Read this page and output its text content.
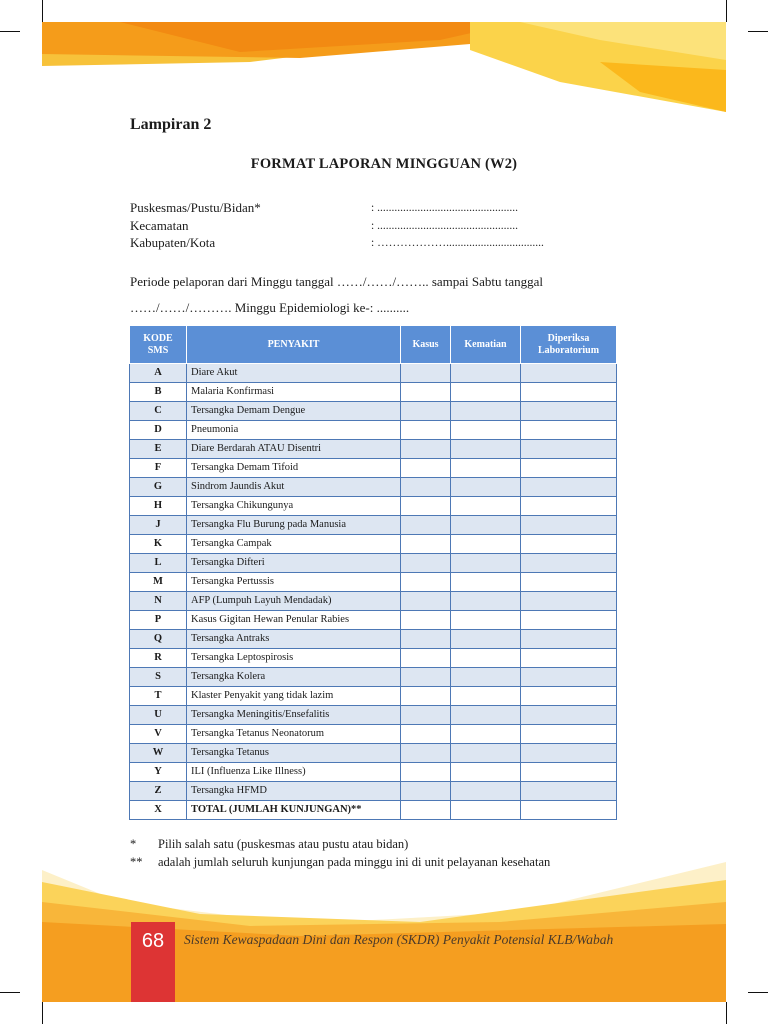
Lampiran 2
FORMAT LAPORAN MINGGUAN (W2)
Puskesmas/Pustu/Bidan*	: .................................................
Kecamatan	: .................................................
Kabupaten/Kota	: ………………..................................
Periode pelaporan dari Minggu tanggal ……/……/…….. sampai Sabtu tanggal
……/……/………. Minggu Epidemiologi ke-: ..........
KODE
SMS	PENYAKIT	Kasus	Kematian	Diperiksa
Laboratorium
A	Diare Akut			
B	Malaria Konfirmasi			
C	Tersangka Demam Dengue			
D	Pneumonia			
E	Diare Berdarah ATAU Disentri			
F	Tersangka Demam Tifoid			
G	Sindrom Jaundis Akut			
H	Tersangka Chikungunya			
J	Tersangka Flu Burung pada Manusia			
K	Tersangka Campak			
L	Tersangka Difteri			
M	Tersangka Pertussis			
N	AFP (Lumpuh Layuh Mendadak)			
P	Kasus Gigitan Hewan Penular Rabies			
Q	Tersangka Antraks			
R	Tersangka Leptospirosis			
S	Tersangka Kolera			
T	Klaster Penyakit yang tidak lazim			
U	Tersangka Meningitis/Ensefalitis			
V	Tersangka Tetanus Neonatorum			
W	Tersangka Tetanus			
Y	ILI (Influenza Like Illness)			
Z	Tersangka HFMD			
X	TOTAL (JUMLAH KUNJUNGAN)**			
* Pilih salah satu (puskesmas atau pustu atau bidan)
** adalah jumlah seluruh kunjungan pada minggu ini di unit pelayanan kesehatan
68	Sistem Kewaspadaan Dini dan Respon (SKDR) Penyakit Potensial KLB/Wabah
